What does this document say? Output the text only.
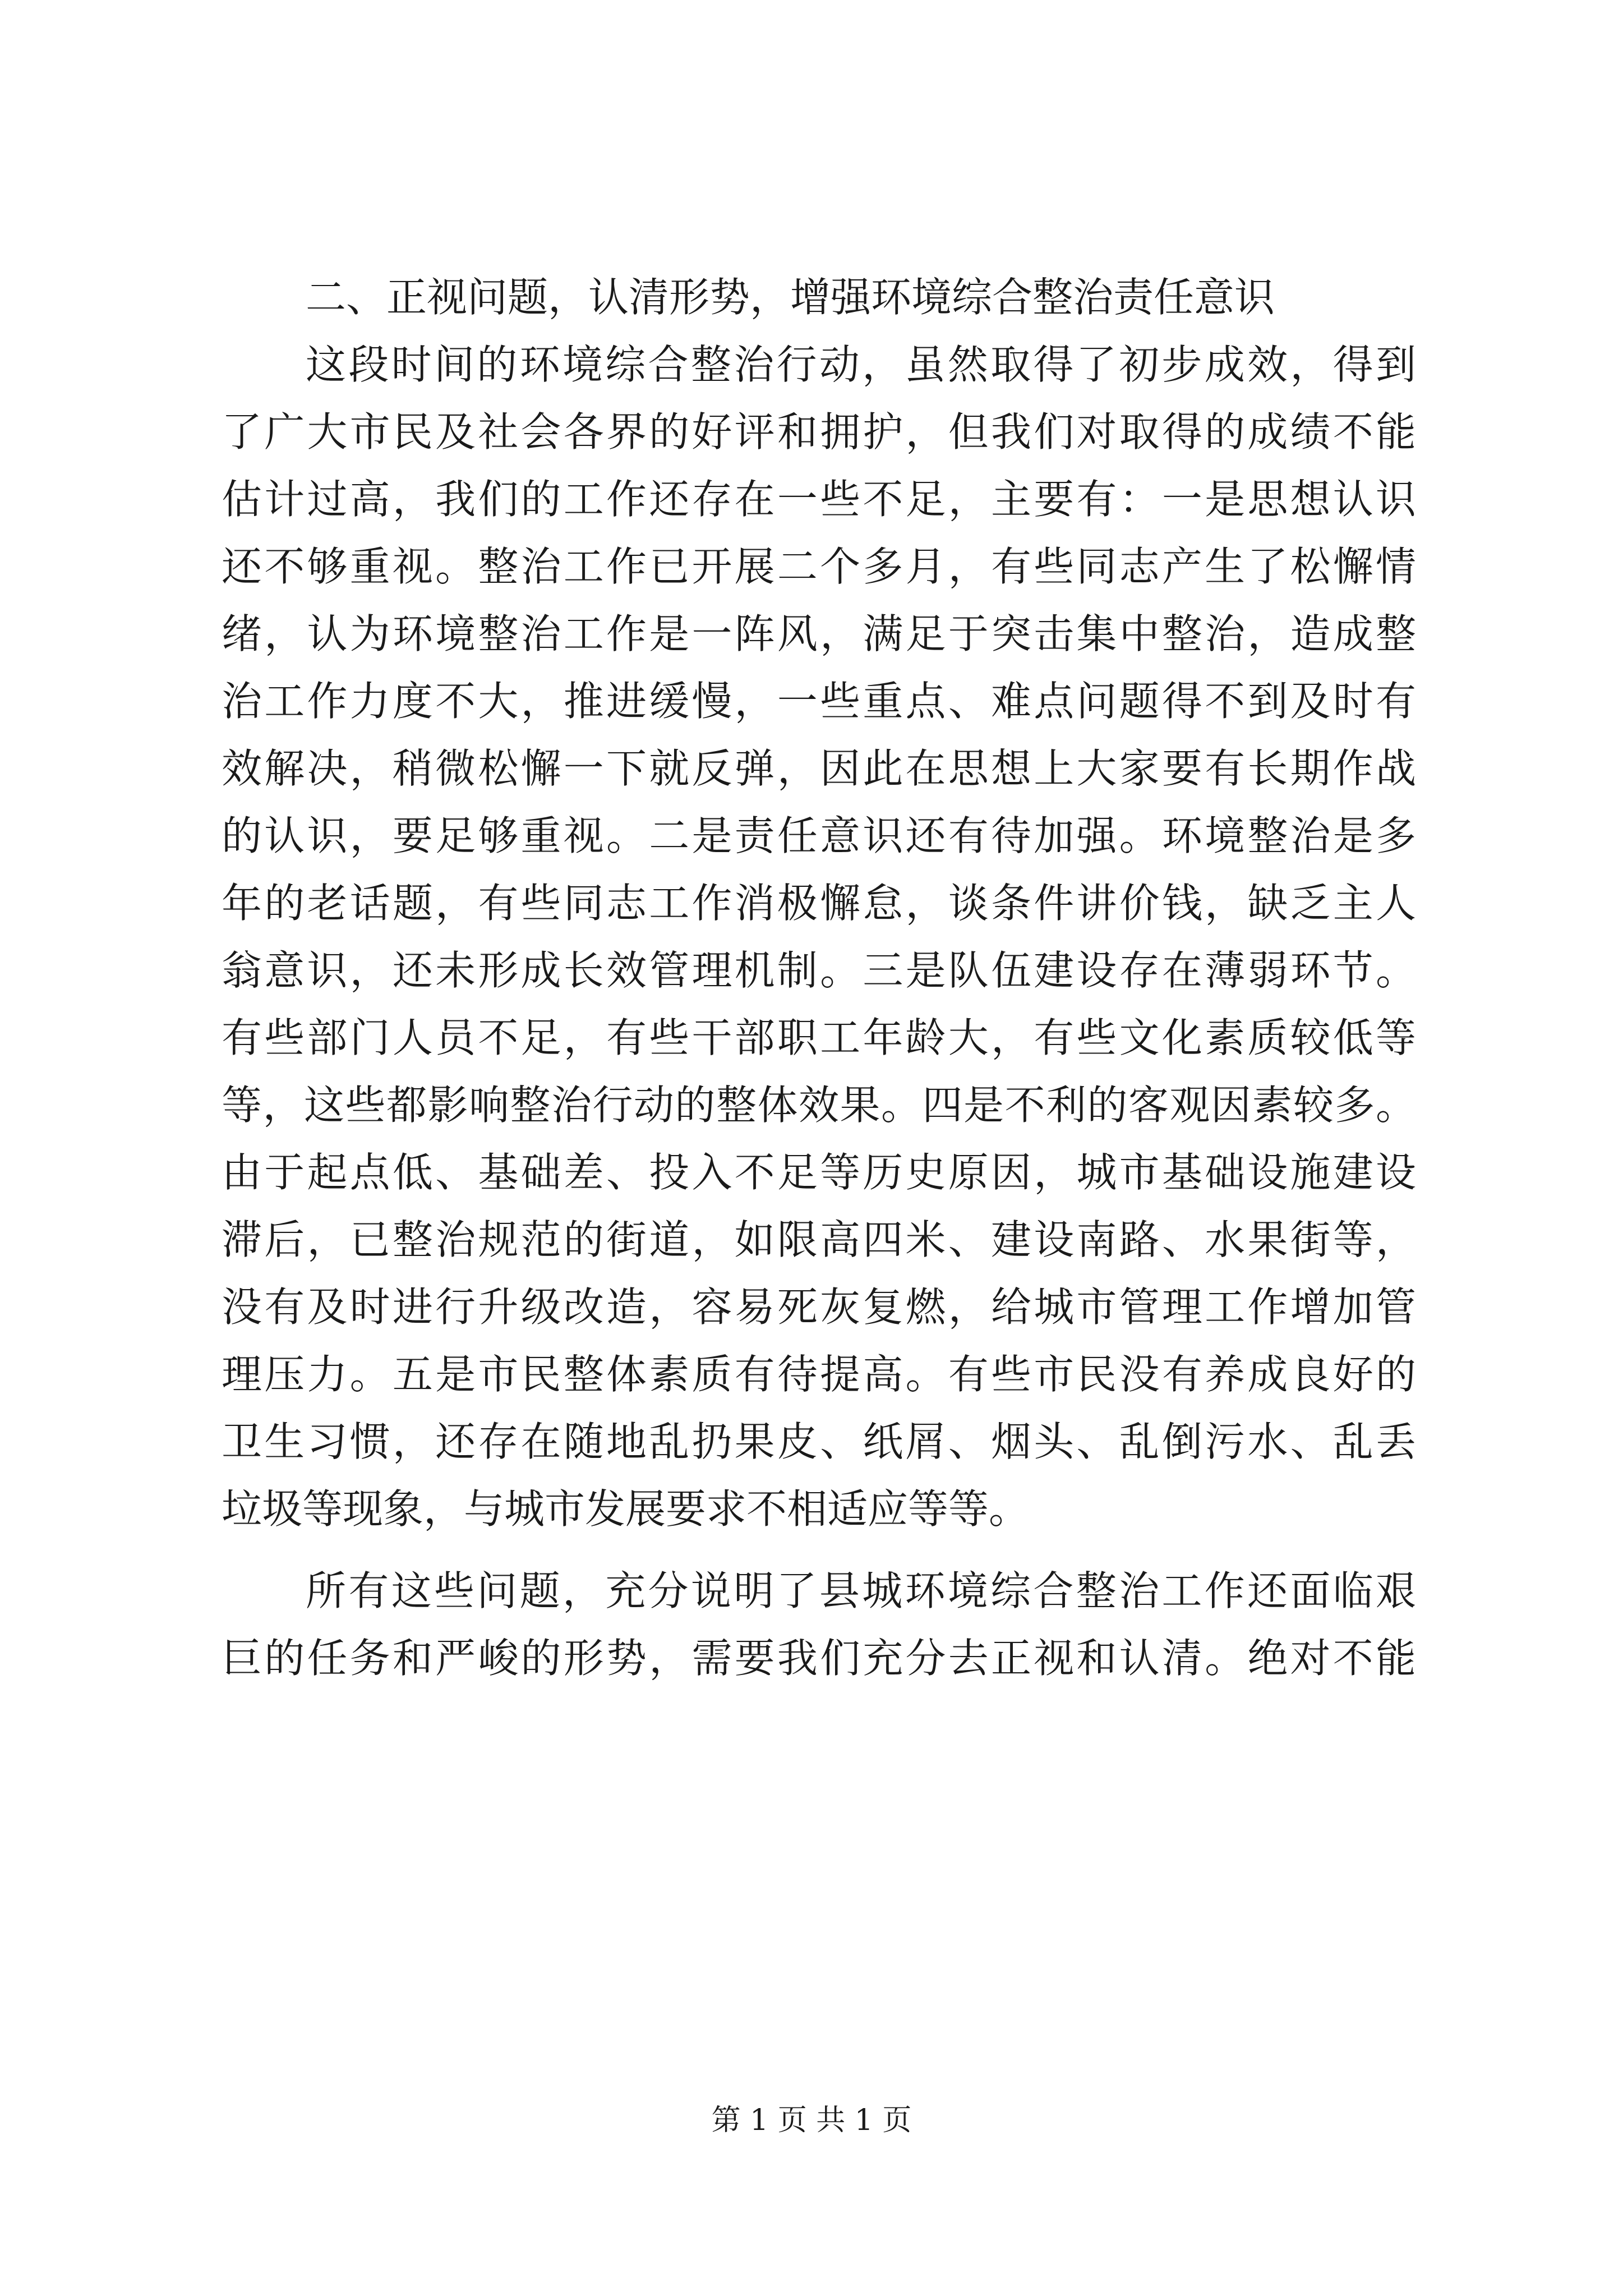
二、正视问题，认清形势，增强环境综合整治责任意识
这段时间的环境综合整治行动，虽然取得了初步成效，得到
了广大市民及社会各界的好评和拥护，但我们对取得的成绩不能
估计过高，我们的工作还存在一些不足，主要有：一是思想认识
还不够重视。整治工作已开展二个多月，有些同志产生了松懈情
绪，认为环境整治工作是一阵风，满足于突击集中整治，造成整
治工作力度不大，推进缓慢，一些重点、难点问题得不到及时有
效解决，稍微松懈一下就反弹，因此在思想上大家要有长期作战
的认识，要足够重视。二是责任意识还有待加强。环境整治是多
年的老话题，有些同志工作消极懈怠，谈条件讲价钱，缺乏主人
翁意识，还未形成长效管理机制。三是队伍建设存在薄弱环节。
有些部门人员不足，有些干部职工年龄大，有些文化素质较低等
等，这些都影响整治行动的整体效果。四是不利的客观因素较多。
由于起点低、基础差、投入不足等历史原因，城市基础设施建设
滞后，已整治规范的街道，如限高四米、建设南路、水果街等，
没有及时进行升级改造，容易死灰复燃，给城市管理工作增加管
理压力。五是市民整体素质有待提高。有些市民没有养成良好的
卫生习惯，还存在随地乱扔果皮、纸屑、烟头、乱倒污水、乱丢
垃圾等现象，与城市发展要求不相适应等等。
所有这些问题，充分说明了县城环境综合整治工作还面临艰
巨的任务和严峻的形势，需要我们充分去正视和认清。绝对不能
第 1 页 共 1 页
